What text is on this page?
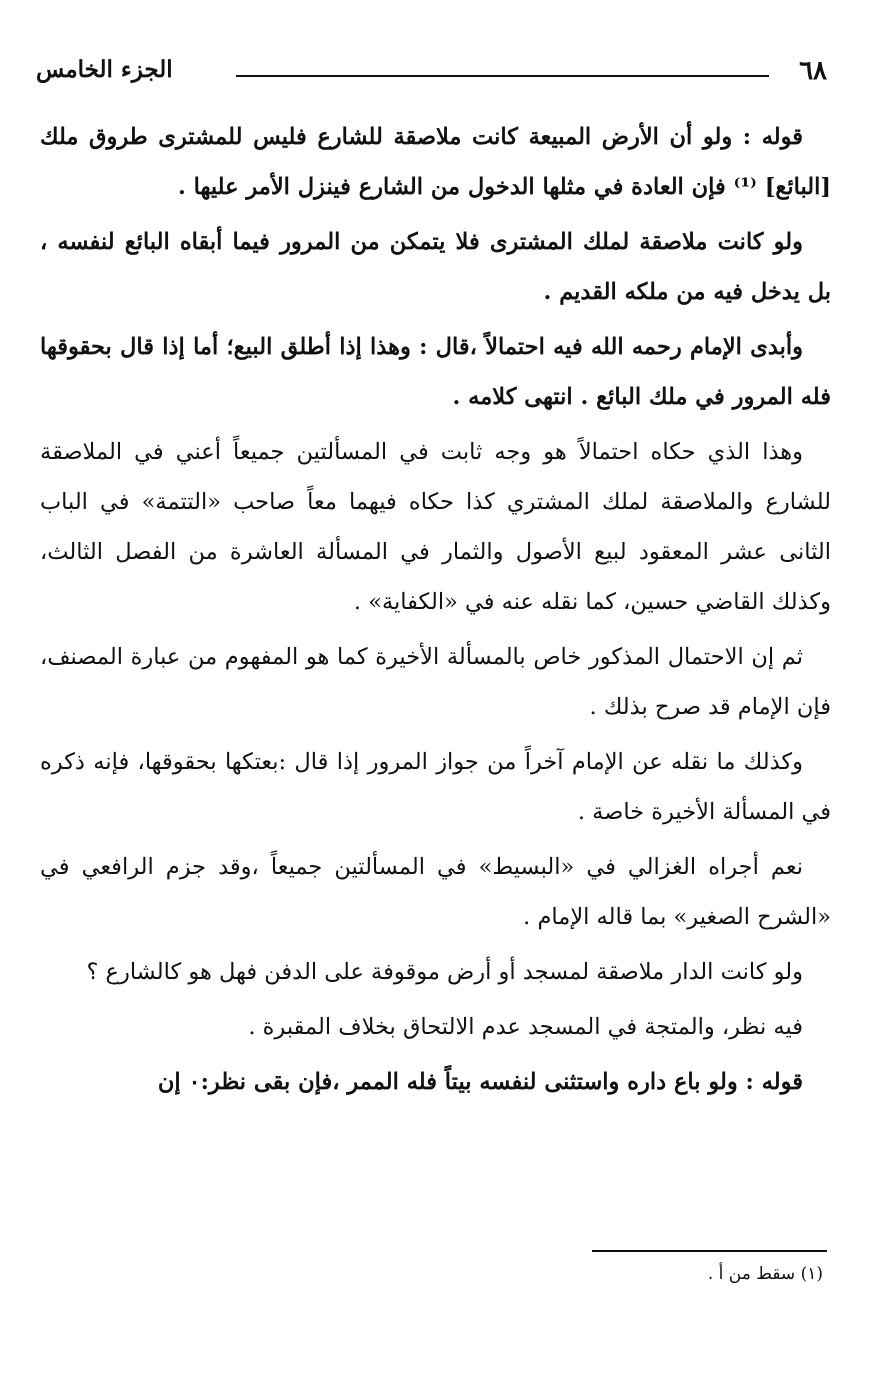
٦٨
الجزء الخامس

قوله : ولو أن الأرض المبيعة كانت ملاصقة للشارع فليس للمشترى طروق ملك [البائع] ⁽¹⁾ فإن العادة في مثلها الدخول من الشارع فينزل الأمر عليها .

ولو كانت ملاصقة لملك المشترى فلا يتمكن من المرور فيما أبقاه البائع لنفسه ، بل يدخل فيه من ملكه القديم .

وأبدى الإمام رحمه الله فيه احتمالاً ،قال : وهذا إذا أطلق البيع؛ أما إذا قال بحقوقها فله المرور في ملك البائع . انتهى كلامه .

وهذا الذي حكاه احتمالاً هو وجه ثابت في المسألتين جميعاً أعني في الملاصقة للشارع والملاصقة لملك المشتري كذا حكاه فيهما معاً صاحب «التتمة» في الباب الثانى عشر المعقود لبيع الأصول والثمار في المسألة العاشرة من الفصل الثالث، وكذلك القاضي حسين، كما نقله عنه في «الكفاية» .

ثم إن الاحتمال المذكور خاص بالمسألة الأخيرة كما هو المفهوم من عبارة المصنف، فإن الإمام قد صرح بذلك .

وكذلك ما نقله عن الإمام آخراً من جواز المرور إذا قال :بعتكها بحقوقها، فإنه ذكره في المسألة الأخيرة خاصة .

نعم أجراه الغزالي في «البسيط» في المسألتين جميعاً ،وقد جزم الرافعي في «الشرح الصغير» بما قاله الإمام .

ولو كانت الدار ملاصقة لمسجد أو أرض موقوفة على الدفن فهل هو كالشارع ؟

فيه نظر، والمتجة في المسجد عدم الالتحاق بخلاف المقبرة .

قوله : ولو باع داره واستثنى لنفسه بيتاً فله الممر ،فإن بقى نظر:٠ إن

(١) سقط من أ .
